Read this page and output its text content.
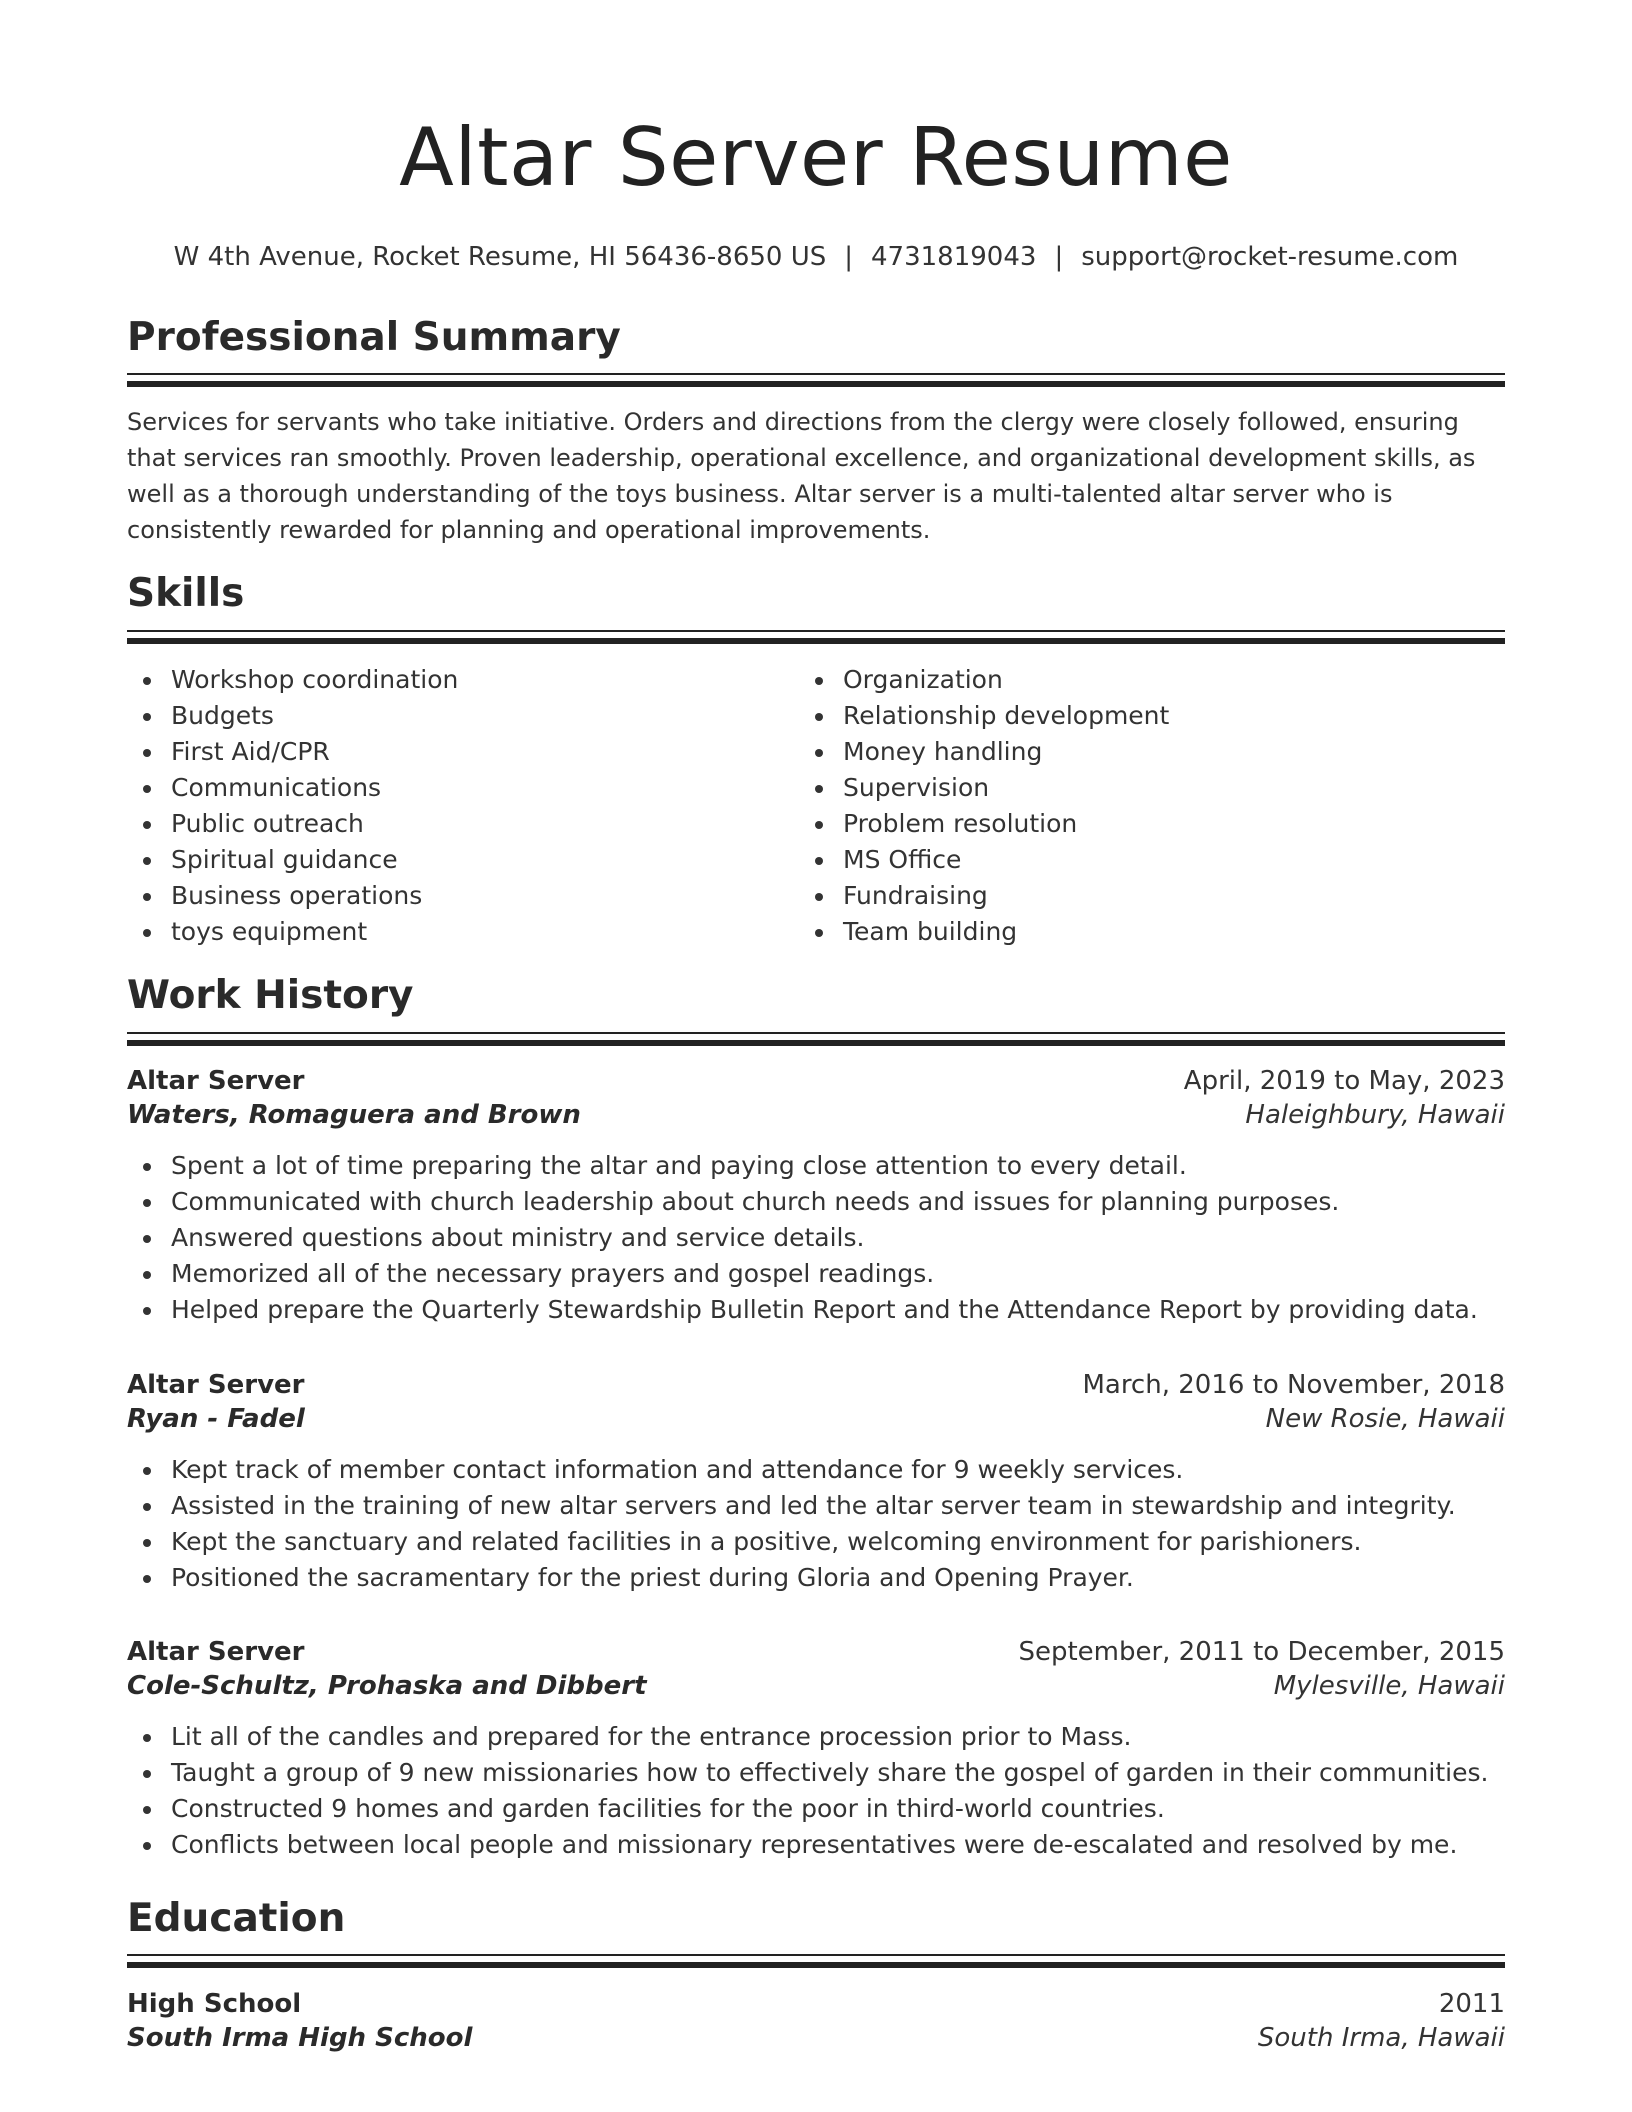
Altar Server Resume
W 4th Avenue, Rocket Resume, HI 56436-8650 US | 4731819043 | support@rocket-resume.com
Professional Summary

Services for servants who take initiative. Orders and directions from the clergy were closely followed, ensuring that services ran smoothly. Proven leadership, operational excellence, and organizational development skills, as well as a thorough understanding of the toys business. Altar server is a multi-talented altar server who is consistently rewarded for planning and operational improvements.

Skills
Workshop coordination
Budgets
First Aid/CPR
Communications
Public outreach
Spiritual guidance
Business operations
toys equipment
Organization
Relationship development
Money handling
Supervision
Problem resolution
MS Office
Fundraising
Team building
Work History
Altar Server	April, 2019 to May, 2023
Waters, Romaguera and Brown	Haleighbury, Hawaii
Spent a lot of time preparing the altar and paying close attention to every detail.
Communicated with church leadership about church needs and issues for planning purposes.
Answered questions about ministry and service details.
Memorized all of the necessary prayers and gospel readings.
Helped prepare the Quarterly Stewardship Bulletin Report and the Attendance Report by providing data.
Altar Server	March, 2016 to November, 2018
Ryan - Fadel	New Rosie, Hawaii
Kept track of member contact information and attendance for 9 weekly services.
Assisted in the training of new altar servers and led the altar server team in stewardship and integrity.
Kept the sanctuary and related facilities in a positive, welcoming environment for parishioners.
Positioned the sacramentary for the priest during Gloria and Opening Prayer.
Altar Server	September, 2011 to December, 2015
Cole-Schultz, Prohaska and Dibbert	Mylesville, Hawaii
Lit all of the candles and prepared for the entrance procession prior to Mass.
Taught a group of 9 new missionaries how to effectively share the gospel of garden in their communities.
Constructed 9 homes and garden facilities for the poor in third-world countries.
Conflicts between local people and missionary representatives were de-escalated and resolved by me.
Education
High School	2011
South Irma High School	South Irma, Hawaii
